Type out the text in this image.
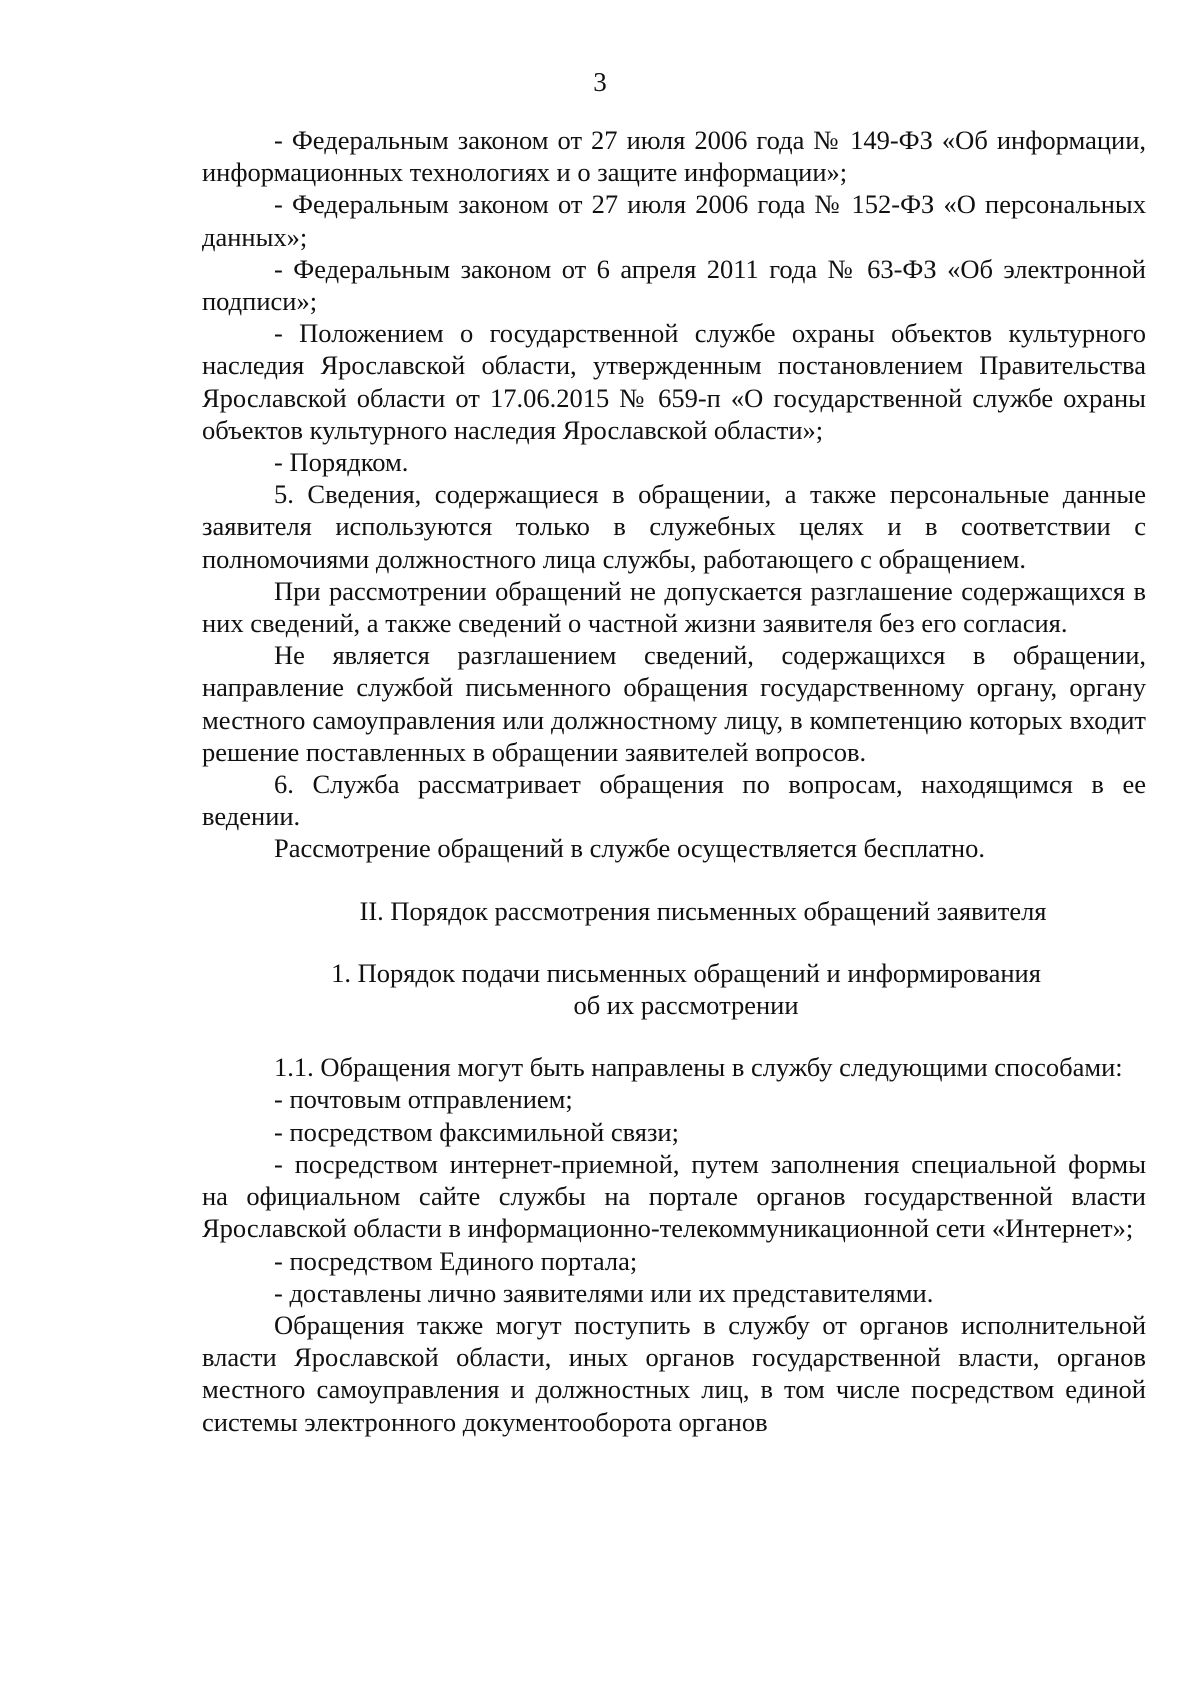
3

- Федеральным законом от 27 июля 2006 года № 149-ФЗ «Об информации, информационных технологиях и о защите информации»;

- Федеральным законом от 27 июля 2006 года № 152-ФЗ «О персональных данных»;

- Федеральным законом от 6 апреля 2011 года № 63-ФЗ «Об электронной подписи»;

- Положением о государственной службе охраны объектов культурного наследия Ярославской области, утвержденным постановлением Правительства Ярославской области от 17.06.2015 № 659-п «О государственной службе охраны объектов культурного наследия Ярославской области»;

- Порядком.

5. Сведения, содержащиеся в обращении, а также персональные данные заявителя используются только в служебных целях и в соответствии с полномочиями должностного лица службы, работающего с обращением.

При рассмотрении обращений не допускается разглашение содержащихся в них сведений, а также сведений о частной жизни заявителя без его согласия.

Не является разглашением сведений, содержащихся в обращении, направление службой письменного обращения государственному органу, органу местного самоуправления или должностному лицу, в компетенцию которых входит решение поставленных в обращении заявителей вопросов.

6. Служба рассматривает обращения по вопросам, находящимся в ее ведении.

Рассмотрение обращений в службе осуществляется бесплатно.

II. Порядок рассмотрения письменных обращений заявителя

1. Порядок подачи письменных обращений и информирования
об их рассмотрении

1.1. Обращения могут быть направлены в службу следующими способами:

- почтовым отправлением;

- посредством факсимильной связи;

- посредством интернет-приемной, путем заполнения специальной формы на официальном сайте службы на портале органов государственной власти Ярославской области в информационно-телекоммуникационной сети «Интернет»;

- посредством Единого портала;

- доставлены лично заявителями или их представителями.

Обращения также могут поступить в службу от органов исполнительной власти Ярославской области, иных органов государственной власти, органов местного самоуправления и должностных лиц, в том числе посредством единой системы электронного документооборота органов
